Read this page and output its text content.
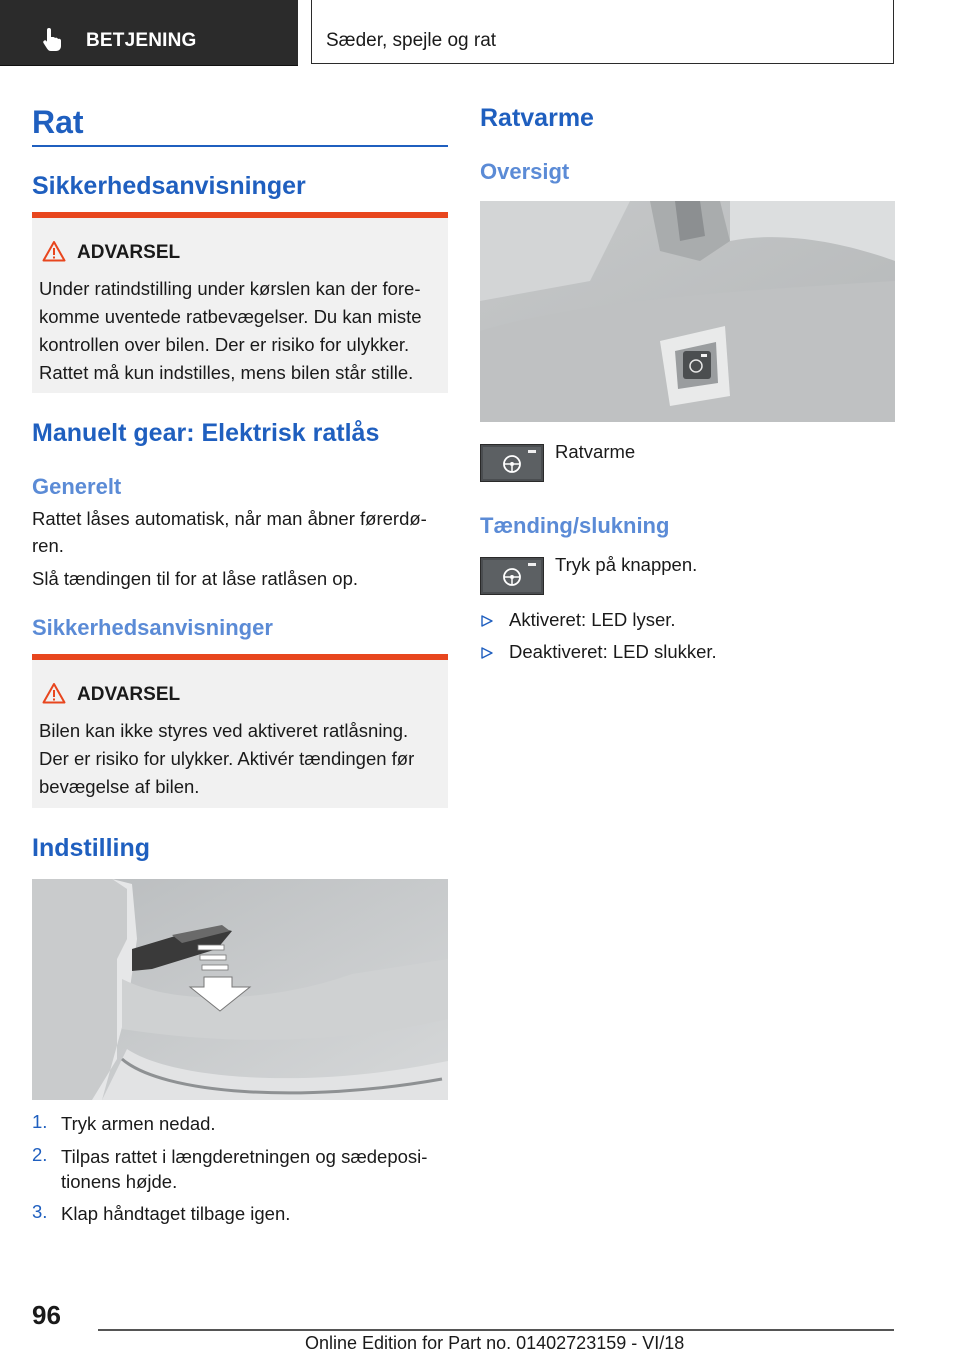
BETJENING	Sæder, spejle og rat
Rat
Sikkerhedsanvisninger
ADVARSEL
Under ratindstilling under kørslen kan der fore-
komme uventede ratbevægelser. Du kan miste
kontrollen over bilen. Der er risiko for ulykker.
Rattet må kun indstilles, mens bilen står stille.
Manuelt gear: Elektrisk ratlås
Generelt
Rattet låses automatisk, når man åbner førerdø-
ren.
Slå tændingen til for at låse ratlåsen op.
Sikkerhedsanvisninger
ADVARSEL
Bilen kan ikke styres ved aktiveret ratlåsning.
Der er risiko for ulykker. Aktivér tændingen før
bevægelse af bilen.
Indstilling
1. Tryk armen nedad.
2. Tilpas rattet i længderetningen og sædeposi-
tionens højde.
3. Klap håndtaget tilbage igen.
Ratvarme
Oversigt
Ratvarme
Tænding/slukning
Tryk på knappen.
Aktiveret: LED lyser.
Deaktiveret: LED slukker.
96
Online Edition for Part no. 01402723159 - VI/18
